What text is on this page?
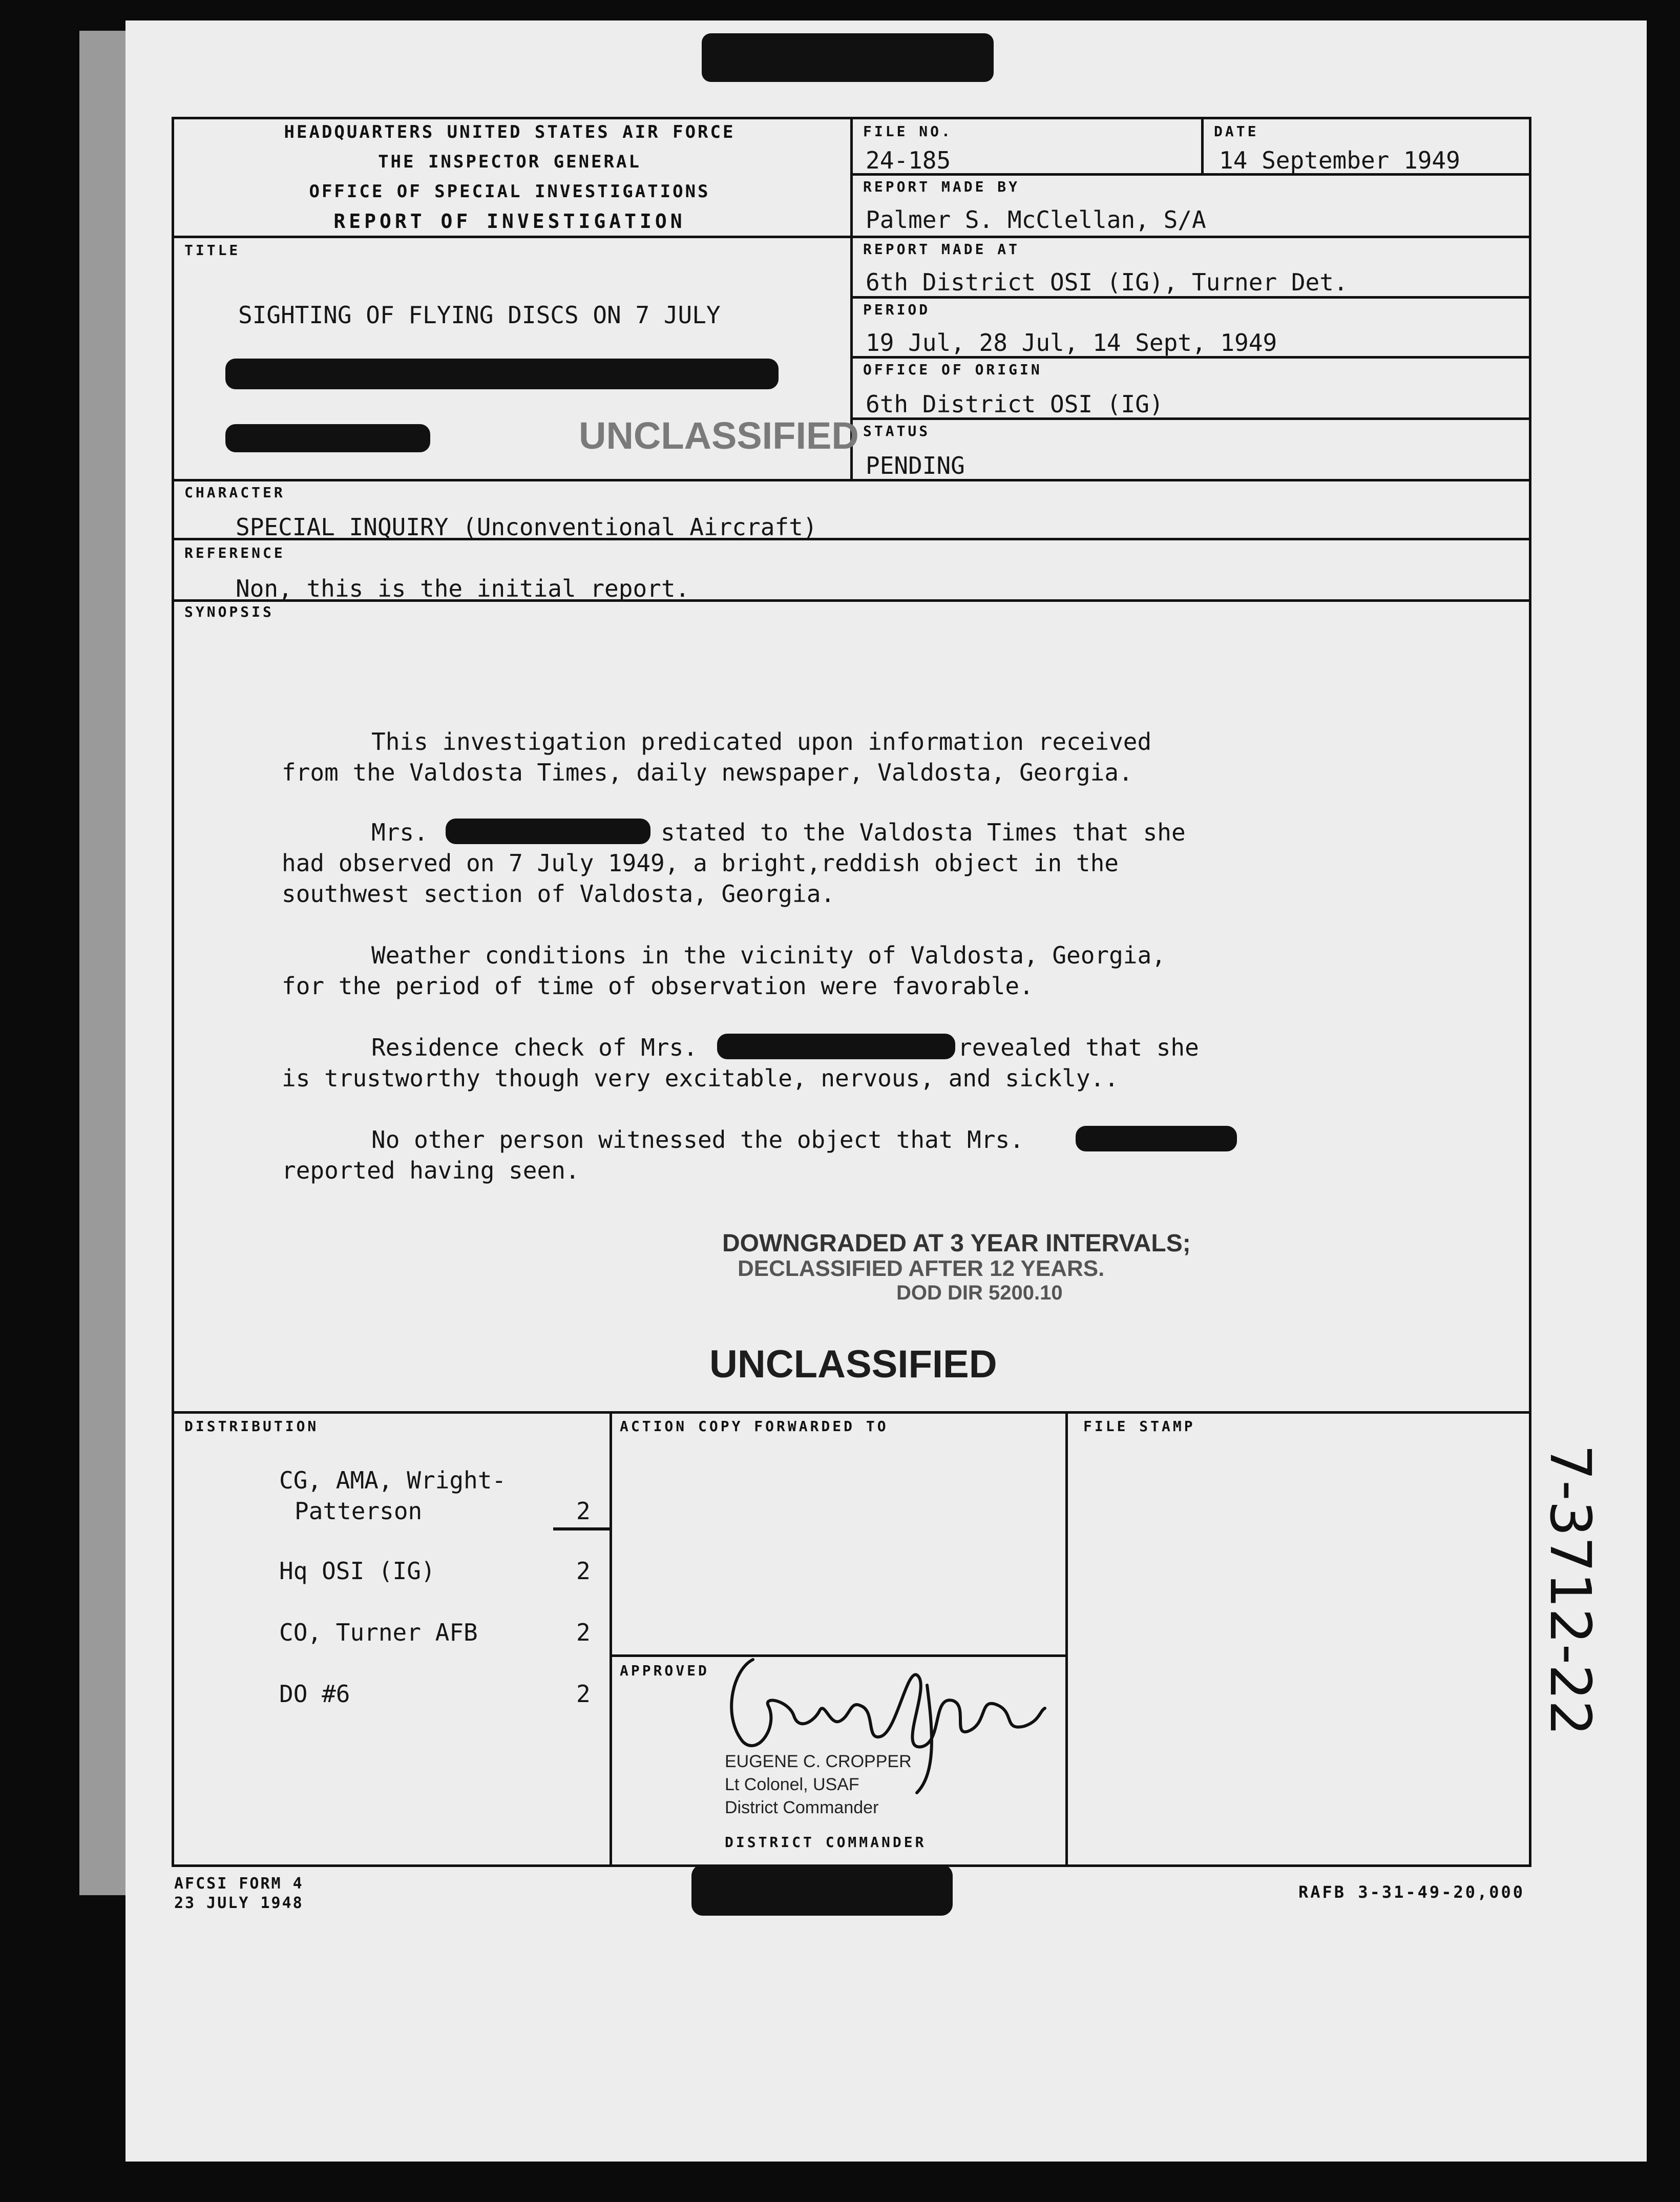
HEADQUARTERS UNITED STATES AIR FORCE
THE INSPECTOR GENERAL
OFFICE OF SPECIAL INVESTIGATIONS
REPORT OF INVESTIGATION
FILE NO.
24-185
DATE
14 September 1949
REPORT MADE BY
Palmer S. McClellan, S/A
TITLE
SIGHTING OF FLYING DISCS ON 7 JULY
UNCLASSIFIED
REPORT MADE AT
6th District OSI (IG), Turner Det.
PERIOD
19 Jul, 28 Jul, 14 Sept, 1949
OFFICE OF ORIGIN
6th District OSI (IG)
STATUS
PENDING
CHARACTER
SPECIAL INQUIRY (Unconventional Aircraft)
REFERENCE
Non, this is the initial report.
SYNOPSIS
This investigation predicated upon information received
from the Valdosta Times, daily newspaper, Valdosta, Georgia.
Mrs.	stated to the Valdosta Times that she
had observed on 7 July 1949, a bright,reddish object in the
southwest section of Valdosta, Georgia.
Weather conditions in the vicinity of Valdosta, Georgia,
for the period of time of observation were favorable.
Residence check of Mrs.	revealed that she
is trustworthy though very excitable, nervous, and sickly..
No other person witnessed the object that Mrs.
reported having seen.
DOWNGRADED AT 3 YEAR INTERVALS;
DECLASSIFIED AFTER 12 YEARS.
DOD DIR 5200.10
UNCLASSIFIED
DISTRIBUTION
CG, AMA, Wright-
Patterson	2
Hq OSI (IG)	2
CO, Turner AFB	2
DO #6	2
ACTION COPY FORWARDED TO	FILE STAMP
APPROVED
EUGENE C. CROPPER
Lt Colonel, USAF
District Commander
DISTRICT COMMANDER
AFCSI FORM 4
23 JULY 1948
RAFB 3-31-49-20,000
7-3712-22
